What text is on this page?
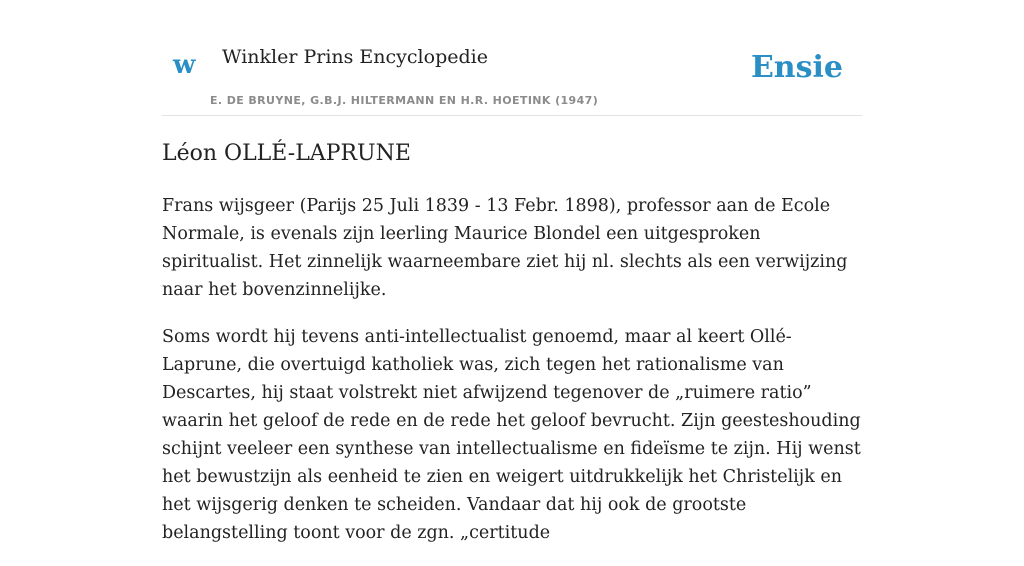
w Winkler Prins Encyclopedie
E. DE BRUYNE, G.B.J. HILTERMANN EN H.R. HOETINK (1947)
Ensie
Léon OLLÉ-LAPRUNE

Frans wijsgeer (Parijs 25 Juli 1839 - 13 Febr. 1898), professor aan de Ecole Normale, is evenals zijn leerling Maurice Blondel een uitgesproken spiritualist. Het zinnelijk waarneembare ziet hij nl. slechts als een verwijzing naar het bovenzinnelijke.

Soms wordt hij tevens anti-intellectualist genoemd, maar al keert Ollé-Laprune, die overtuigd katholiek was, zich tegen het rationalisme van Descartes, hij staat volstrekt niet afwijzend tegenover de „ruimere ratio” waarin het geloof de rede en de rede het geloof bevrucht. Zijn geesteshouding schijnt veeleer een synthese van intellectualisme en fideïsme te zijn. Hij wenst het bewustzijn als eenheid te zien en weigert uitdrukkelijk het Christelijk en het wijsgerig denken te scheiden. Vandaar dat hij ook de grootste belangstelling toont voor de zgn. „certitude
